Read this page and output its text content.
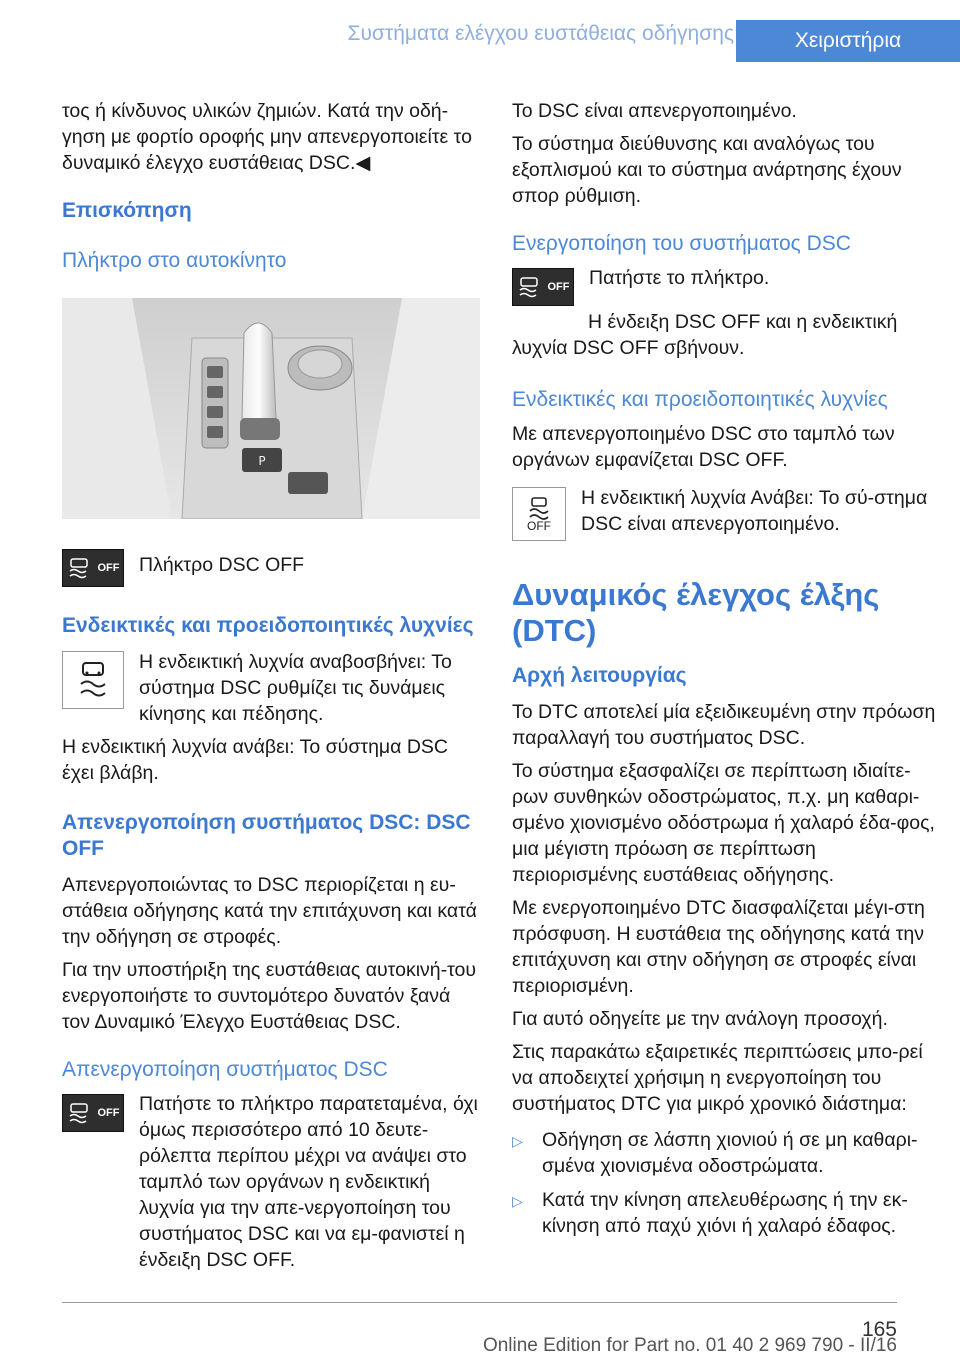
Συστήματα ελέγχου ευστάθειας οδήγησης	Χειριστήρια

τος ή κίνδυνος υλικών ζημιών. Κατά την οδή‐γηση με φορτίο οροφής μην απενεργοποιείτε το δυναμικό έλεγχο ευστάθειας DSC.◀

Επισκόπηση
Πλήκτρο στο αυτοκίνητο
P
OFF Πλήκτρο DSC OFF

Ενδεικτικές και προειδοποιητικές λυχνίες

Η ενδεικτική λυχνία αναβοσβήνει: Το σύστημα DSC ρυθμίζει τις δυνάμεις κίνησης και πέδησης.

Η ενδεικτική λυχνία ανάβει: Το σύστημα DSC έχει βλάβη.

Απενεργοποίηση συστήματος DSC: DSC OFF

Απενεργοποιώντας το DSC περιορίζεται η ευ‐στάθεια οδήγησης κατά την επιτάχυνση και κατά την οδήγηση σε στροφές.

Για την υποστήριξη της ευστάθειας αυτοκινή‐του ενεργοποιήστε το συντομότερο δυνατόν ξανά τον Δυναμικό Έλεγχο Ευστάθειας DSC.

Απενεργοποίηση συστήματος DSC
OFF Πατήστε το πλήκτρο παρατεταμένα, όχι όμως περισσότερο από 10 δευτε‐ρόλεπτα περίπου μέχρι να ανάψει στο ταμπλό των οργάνων η ενδεικτική λυχνία για την απε‐νεργοποίηση του συστήματος DSC και να εμ‐φανιστεί η ένδειξη DSC OFF.

Το DSC είναι απενεργοποιημένο.

Το σύστημα διεύθυνσης και αναλόγως του εξοπλισμού και το σύστημα ανάρτησης έχουν σπορ ρύθμιση.

Ενεργοποίηση του συστήματος DSC
OFF Πατήστε το πλήκτρο.

Η ένδειξη DSC OFF και η ενδεικτική λυχνία DSC OFF σβήνουν.

Ενδεικτικές και προειδοποιητικές λυχνίες

Με απενεργοποιημένο DSC στο ταμπλό των οργάνων εμφανίζεται DSC OFF.

OFF

Η ενδεικτική λυχνία Ανάβει: Το σύ‐στημα DSC είναι απενεργοποιημένο.

Δυναμικός έλεγχος έλξης (DTC)
Αρχή λειτουργίας

Το DTC αποτελεί μία εξειδικευμένη στην πρόωση παραλλαγή του συστήματος DSC.

Το σύστημα εξασφαλίζει σε περίπτωση ιδιαίτε‐ρων συνθηκών οδοστρώματος, π.χ. μη καθαρι‐σμένο χιονισμένο οδόστρωμα ή χαλαρό έδα‐φος, μια μέγιστη πρόωση σε περίπτωση περιορισμένης ευστάθειας οδήγησης.

Με ενεργοποιημένο DTC διασφαλίζεται μέγι‐στη πρόσφυση. Η ευστάθεια της οδήγησης κατά την επιτάχυνση και στην οδήγηση σε στροφές είναι περιορισμένη.

Για αυτό οδηγείτε με την ανάλογη προσοχή.

Στις παρακάτω εξαιρετικές περιπτώσεις μπο‐ρεί να αποδειχτεί χρήσιμη η ενεργοποίηση του συστήματος DTC για μικρό χρονικό διάστημα:

▷ Οδήγηση σε λάσπη χιονιού ή σε μη καθαρι‐σμένα χιονισμένα οδοστρώματα.
▷ Κατά την κίνηση απελευθέρωσης ή την εκ‐κίνηση από παχύ χιόνι ή χαλαρό έδαφος.
165
Online Edition for Part no. 01 40 2 969 790 - II/16
